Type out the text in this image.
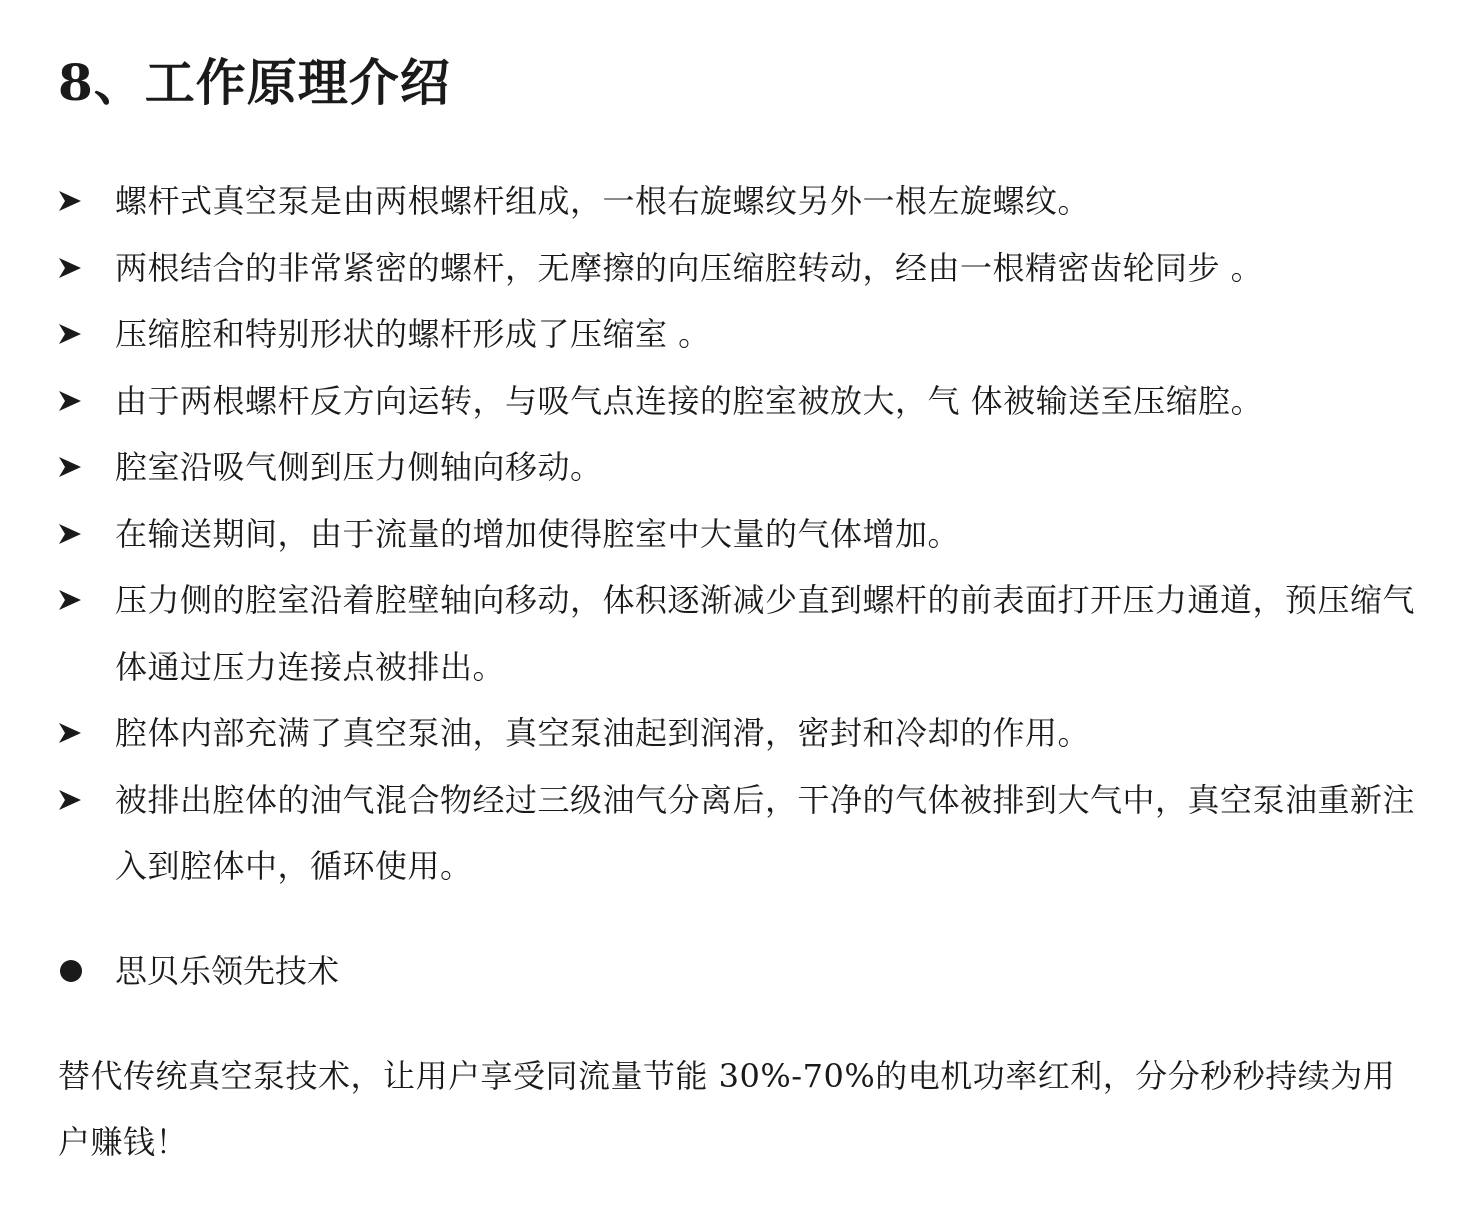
8、工作原理介绍
螺杆式真空泵是由两根螺杆组成，一根右旋螺纹另外一根左旋螺纹。
两根结合的非常紧密的螺杆，无摩擦的向压缩腔转动，经由一根精密齿轮同步 。
压缩腔和特别形状的螺杆形成了压缩室 。
由于两根螺杆反方向运转，与吸气点连接的腔室被放大，气 体被输送至压缩腔。
腔室沿吸气侧到压力侧轴向移动。
在输送期间，由于流量的增加使得腔室中大量的气体增加。
压力侧的腔室沿着腔壁轴向移动，体积逐渐减少直到螺杆的前表面打开压力通道，预压缩气体通过压力连接点被排出。
腔体内部充满了真空泵油，真空泵油起到润滑，密封和冷却的作用。
被排出腔体的油气混合物经过三级油气分离后，干净的气体被排到大气中，真空泵油重新注入到腔体中，循环使用。
思贝乐领先技术

替代传统真空泵技术，让用户享受同流量节能 30%-70%的电机功率红利，分分秒秒持续为用户赚钱！
